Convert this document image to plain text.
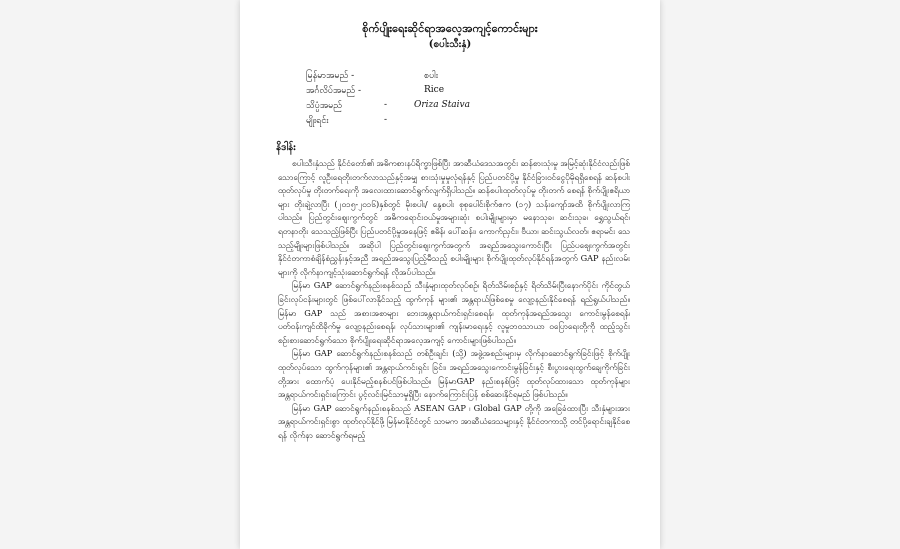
စိုက်ပျိုးရေးဆိုင်ရာအလေ့အကျင့်ကောင်းများ
(စပါးသီးနှံ)
မြန်မာအမည် -	စပါး
အင်္ဂလိပ်အမည် -	Rice
သိပ္ပံအမည်	-	Oriza Staiva
မျိုးရင်း	-
နိဒါန်း

စပါးသီးနှံသည် နိုင်ငံတော်၏ အဓိကစားနပ်ရိက္ခာဖြစ်ပြီး အာဆီယံဒေသအတွင်း ဆန်စားသုံးမှု အမြင့်ဆုံးနိုင်ငံလည်းဖြစ်သောကြောင့် လူဦးရေတိုးတက်လာသည်နှင့်အမျှ စားသုံးမှုမှုလုံရန်နှင့် ပြည်ပတင်ပို့မှု နိုင်ငံခြားဝင်ငွေပိုမိုရရှိစေရန် ဆန်စပါးထုတ်လုပ်မှု တိုးတက်ရေးကို အလေးထားဆောင်ရွက်လျက်ရှိပါသည်။ ဆန်စပါးထုတ်လုပ်မှု တိုးတက် စေရန် စိုက်ပျိုးဧရိယာများ တိုးချဲ့လာပြီး (၂၀၁၅-၂၀၁၆)နှစ်တွင် မိုးစပါး/ နွေစပါး စုစုပေါင်းစိုက်ဧက (၁၇) သန်းကျော်အထိ စိုက်ပျိုးလာကြပါသည်။ ပြည်တွင်းဈေးကွက်တွင် အဓိကရောင်းဝယ်မှုအများဆုံး စပါးမျိုးများမှာ မနောသုခ၊ ဆင်းသုခ၊ ရွှေသွယ်ရင်၊ ရတနာတိုး သေသည့်ဖြစ်ပြီး ပြည်ပတင်ပို့မှုအနေဖြင့် ဧဓိန်၊ ပေါ်ဆန်း၊ ကောက်ညှင်း၊ ဗီယာ၊ ဆင်းသွယ်လတ်၊ ဧရာမင်း သေသည့်မျိုးများဖြစ်ပါသည်။ အဆိုပါ ပြည်တွင်းဈေးကွက်အတွက် အရည်အသွေးကောင်းပြီး ပြည်ပဈေးကွက်အတွင်း နိုင်ငံတကာစံချိန်စံညွှန်းနှင့်အညီ အရည်အသွေးပြည့်မီသည့် စပါးမျိုးများ စိုက်ပျိုးထုတ်လုပ်နိုင်ရန်အတွက် GAP နည်းလမ်း များကို လိုက်နာကျင့်သုံးဆောင်ရွက်ရန် လိုအပ်ပါသည်။

မြန်မာ GAP ဆောင်ရွက်နည်းစနစ်သည် သီးနှံများထုတ်လုပ်စဉ်၊ ရိတ်သိမ်းစဉ်နှင့် ရိတ်သိမ်းပြီးနောက်ပိုင်း ကိုင်တွယ်ခြင်းလုပ်ငန်းများတွင် ဖြစ်ပေါ်လာနိုင်သည့် ထွက်ကုန် များ၏ အန္တရာယ်ဖြစ်စေမှု လျော့နည်းနိုင်စေရန် ရည်ရွယ်ပါသည်။ မြန်မာ GAP သည် အစားအစာများ ဘေးအန္တရာယ်ကင်းရှင်းစေရန်၊ ထုတ်ကုန်အရည်အသွေး ကောင်းမွန်စေရန်၊ ပတ်ဝန်းကျင်ထိခိုက်မှု လျော့နည်းစေရန်၊ လုပ်သားများ၏ ကျန်းမာရေးနှင့် လူမှုဘဝသာယာ ဝပြောရေးတို့ကို ထည့်သွင်းစဉ်းစားဆောင်ရွက်သော စိုက်ပျိုးရေးဆိုင်ရာအလေ့အကျင့် ကောင်းများဖြစ်ပါသည်။

မြန်မာ GAP ဆောင်ရွက်နည်းစနစ်သည် တစ်ဦးချင်း (သို့) အဖွဲ့အစည်းများမှ လိုက်နာဆောင်ရွက်ခြင်းဖြင့် စိုက်ပျိုးထုတ်လုပ်သော ထွက်ကုန်များ၏ အန္တရာယ်ကင်းရှင်း ခြင်း၊ အရည်အသွေးကောင်းမွန်ခြင်းနှင့် စီးပွားရေးထွက်ချေကိုက်ခြင်းတို့အား ထောက်ပံ့ ပေးနိုင်မည့်စနစ်ပင်ဖြစ်ပါသည်။ မြန်မာGAP နည်းစနစ်ဖြင့် ထုတ်လုပ်ထားသော ထုတ်ကုန်များ အန္တရာယ်ကင်းရှင်းကြောင်း ပွင့်လင်းမြင်သာမှုရှိပြီး နောက်ကြောင်းပြန် စစ်ဆေးနိုင်ရမည် ဖြစ်ပါသည်။

မြန်မာ GAP ဆောင်ရွက်နည်းစနစ်သည် ASEAN GAP ၊ Global GAP တို့ကို အခြေခံထားပြီး သီးနှံများအား အန္တရာယ်ကင်းရှင်းစွာ ထုတ်လုပ်နိုင်ဖို့ မြန်မာနိုင်ငံတွင် သာမက အာဆီယံဒေသများနှင့် နိုင်ငံတကာသို့ တင်ပို့ရောင်းချနိုင်စေရန် လိုက်နာ ဆောင်ရွက်ရမည့်
